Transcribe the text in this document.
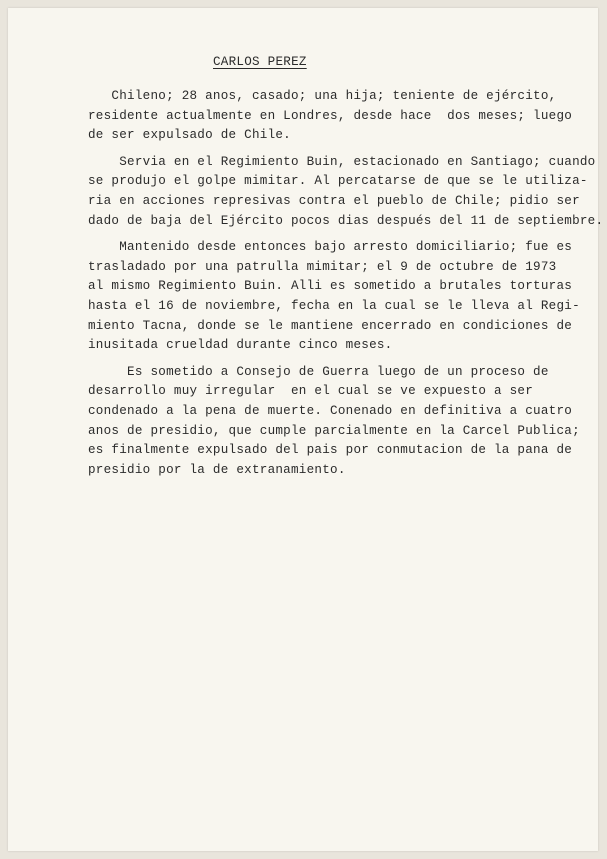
CARLOS PEREZ

Chileno; 28 anos, casado; una hija; teniente de ejército,
residente actualmente en Londres, desde hace  dos meses; luego
de ser expulsado de Chile.

Servia en el Regimiento Buin, estacionado en Santiago; cuando
se produjo el golpe mimitar. Al percatarse de que se le utiliza-
ria en acciones represivas contra el pueblo de Chile; pidio ser
dado de baja del Ejército pocos dias después del 11 de septiembre.

Mantenido desde entonces bajo arresto domiciliario; fue es
trasladado por una patrulla mimitar; el 9 de octubre de 1973
al mismo Regimiento Buin. Alli es sometido a brutales torturas
hasta el 16 de noviembre, fecha en la cual se le lleva al Regi-
miento Tacna, donde se le mantiene encerrado en condiciones de
inusitada crueldad durante cinco meses.

Es sometido a Consejo de Guerra luego de un proceso de
desarrollo muy irregular  en el cual se ve expuesto a ser
condenado a la pena de muerte. Conenado en definitiva a cuatro
anos de presidio, que cumple parcialmente en la Carcel Publica;
es finalmente expulsado del pais por conmutacion de la pana de
presidio por la de extranamiento.
